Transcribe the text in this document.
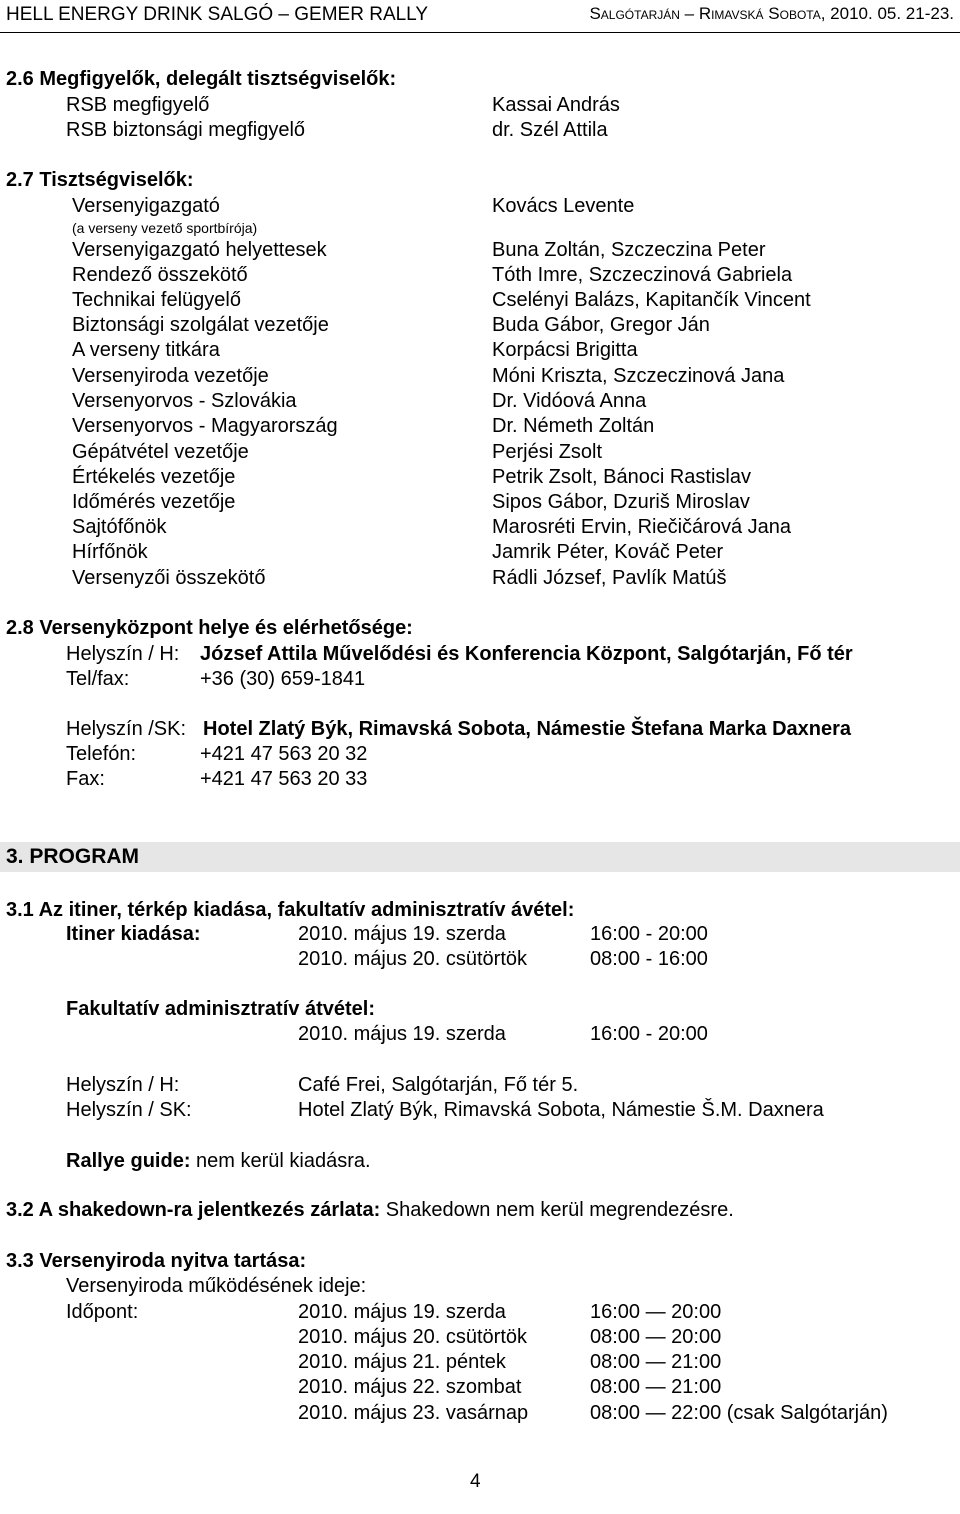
HELL ENERGY DRINK SALGÓ – GEMER RALLY	Salgótarján – Rimavská Sobota, 2010. 05. 21-23.
2.6 Megfigyelők, delegált tisztségviselők:
RSB megfigyelő	Kassai András
RSB biztonsági megfigyelő	dr. Szél Attila
2.7 Tisztségviselők:
Versenyigazgató	Kovács Levente
(a verseny vezető sportbírója)
Versenyigazgató helyettesek	Buna Zoltán, Szczeczina Peter
Rendező összekötő	Tóth Imre, Szczeczinová Gabriela
Technikai felügyelő	Cselényi Balázs, Kapitančík Vincent
Biztonsági szolgálat vezetője	Buda Gábor, Gregor Ján
A verseny titkára	Korpácsi Brigitta
Versenyiroda vezetője	Móni Kriszta, Szczeczinová Jana
Versenyorvos - Szlovákia	Dr. Vidóová Anna
Versenyorvos - Magyarország	Dr. Németh Zoltán
Gépátvétel vezetője	Perjési Zsolt
Értékelés vezetője	Petrik Zsolt, Bánoci Rastislav
Időmérés vezetője	Sipos Gábor, Dzuriš Miroslav
Sajtófőnök	Marosréti Ervin, Riečičárová Jana
Hírfőnök	Jamrik Péter, Kováč Peter
Versenyzői összekötő	Rádli József, Pavlík Matúš
2.8 Versenyközpont helye és elérhetősége:
Helyszín / H: József Attila Művelődési és Konferencia Központ, Salgótarján, Fő tér
Tel/fax:	+36 (30) 659-1841
Helyszín /SK: Hotel Zlatý Býk, Rimavská Sobota, Námestie Štefana Marka Daxnera
Telefón:	+421 47 563 20 32
Fax:	+421 47 563 20 33
3. PROGRAM
3.1 Az itiner, térkép kiadása, fakultatív adminisztratív ávétel:
Itiner kiadása:	2010. május 19. szerda	16:00 - 20:00
2010. május 20. csütörtök	08:00 - 16:00
Fakultatív adminisztratív átvétel:
2010. május 19. szerda	16:00 - 20:00
Helyszín / H:	Café Frei, Salgótarján, Fő tér 5.
Helyszín / SK:	Hotel Zlatý Býk, Rimavská Sobota, Námestie Š.M. Daxnera
Rallye guide: nem kerül kiadásra.
3.2 A shakedown-ra jelentkezés zárlata: Shakedown nem kerül megrendezésre.
3.3 Versenyiroda nyitva tartása:
Versenyiroda működésének ideje:
Időpont:	2010. május 19. szerda	16:00 — 20:00
2010. május 20. csütörtök	08:00 — 20:00
2010. május 21. péntek	08:00 — 21:00
2010. május 22. szombat	08:00 — 21:00
2010. május 23. vasárnap	08:00 — 22:00 (csak Salgótarján)
4
